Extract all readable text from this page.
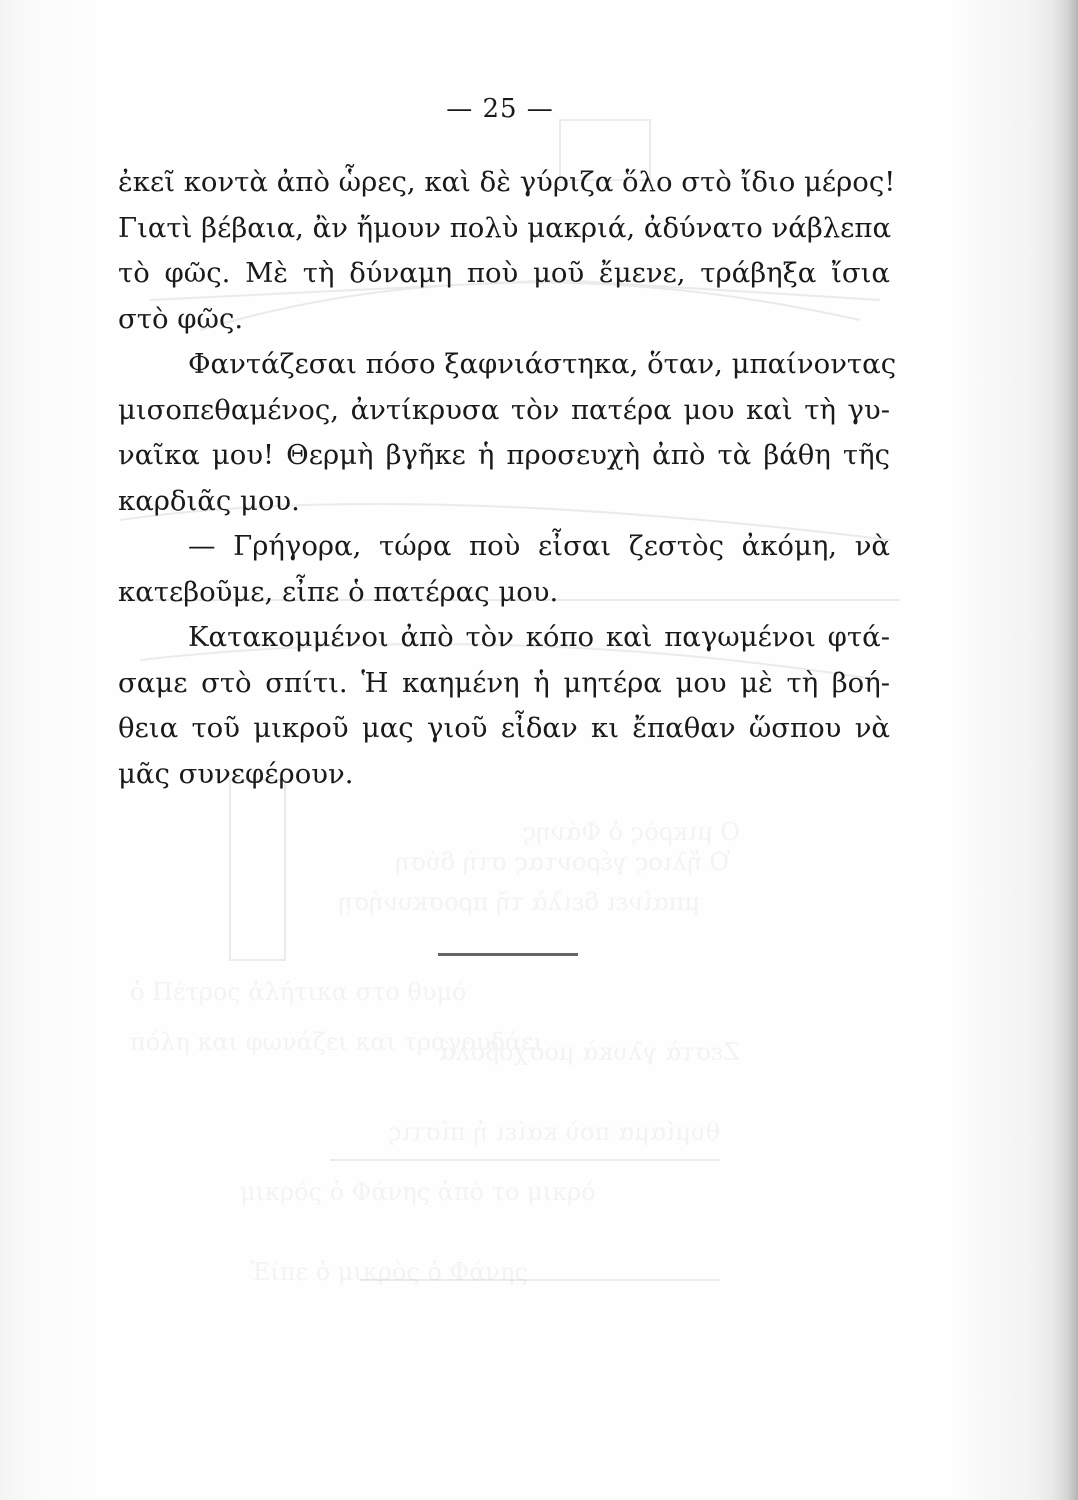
Ο μικρὸς ὁ Φάνης
Ὁ ἥλιος γέροντας στὴ δύση
μπαίνει δειλὰ τῆ προσκυνήσῃ
Ζεστὰ γλυκὰ μοσχοβολά
θυμίαμα ποὺ καίει ἡ πίστις
ὁ Πέτρος ἀλήτικα στο θυμό
πόλη και φωνάζει και τραγουδάει
μικρός ὁ Φάνης ἀπὸ το μικρό
Ἐίπε ὁ μικρὸς ὁ Φάνης
— 25 —
ἐκεῖ κοντὰ ἀπὸ ὧρες, καὶ δὲ γύριζα ὅλο στὸ ἴδιο μέρος!
Γιατὶ βέβαια, ἂν ἤμουν πολὺ μακριά, ἀδύνατο νάβλεπα
τὸ φῶς. Μὲ τὴ δύναμη ποὺ μοῦ ἔμενε, τράβηξα ἴσια
στὸ φῶς.
Φαντάζεσαι πόσο ξαφνιάστηκα, ὅταν, μπαίνοντας
μισοπεθαμένος, ἀντίκρυσα τὸν πατέρα μου καὶ τὴ γυ-
ναῖκα μου! Θερμὴ βγῆκε ἡ προσευχὴ ἀπὸ τὰ βάθη τῆς
καρδιᾶς μου.
— Γρήγορα, τώρα ποὺ εἶσαι ζεστὸς ἀκόμη, νὰ
κατεβοῦμε, εἶπε ὁ πατέρας μου.
Κατακομμένοι ἀπὸ τὸν κόπο καὶ παγωμένοι φτά-
σαμε στὸ σπίτι. Ἡ καημένη ἡ μητέρα μου μὲ τὴ βοή-
θεια τοῦ μικροῦ μας γιοῦ εἶδαν κι ἔπαθαν ὥσπου νὰ
μᾶς συνεφέρουν.
